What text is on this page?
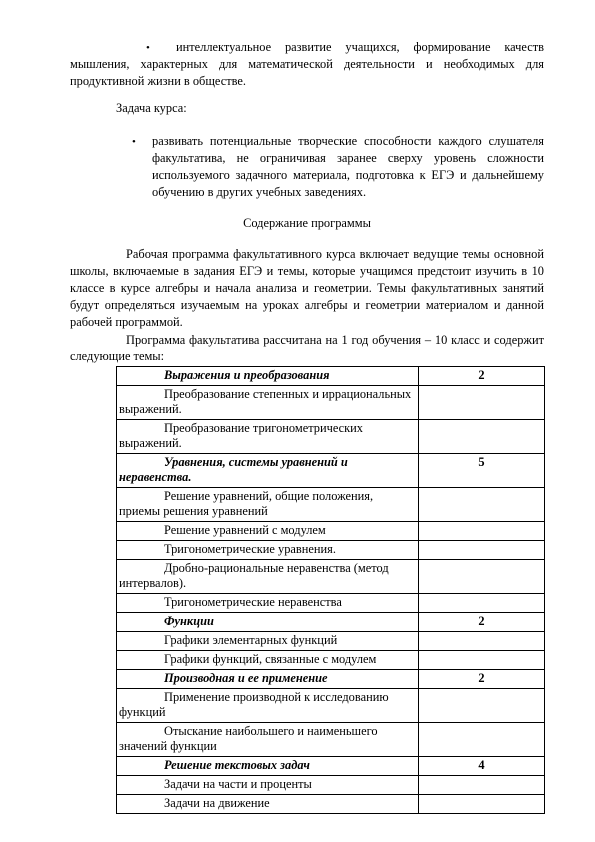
•	интеллектуальное развитие учащихся, формирование качеств мышления, характерных для математической деятельности и необходимых для продуктивной жизни в обществе.

Задача курса:

• развивать потенциальные творческие способности каждого слушателя факультатива, не ограничивая заранее сверху уровень сложности используемого задачного материала, подготовка к ЕГЭ и дальнейшему обучению в других учебных заведениях.

Содержание программы

Рабочая программа факультативного курса включает ведущие темы основной школы, включаемые в задания ЕГЭ и темы, которые учащимся предстоит изучить в 10 классе в курсе алгебры и начала анализа и геометрии. Темы факультативных занятий будут определяться изучаемым на уроках алгебры и геометрии материалом и данной рабочей программой.

Программа факультатива рассчитана на 1 год обучения – 10 класс и содержит следующие темы:

Выражения и преобразования	2
Преобразование степенных и иррациональных выражений.	
Преобразование тригонометрических выражений.	
Уравнения, системы уравнений и неравенства.	5
Решение уравнений, общие положения, приемы решения уравнений	
Решение уравнений с модулем	
Тригонометрические уравнения.	
Дробно-рациональные неравенства (метод интервалов).	
Тригонометрические неравенства	
Функции	2
Графики элементарных функций	
Графики функций, связанные с модулем	
Производная и ее применение	2
Применение производной к исследованию функций	
Отыскание наибольшего и наименьшего значений функции	
Решение текстовых задач	4
Задачи на части и проценты	
Задачи на движение	
